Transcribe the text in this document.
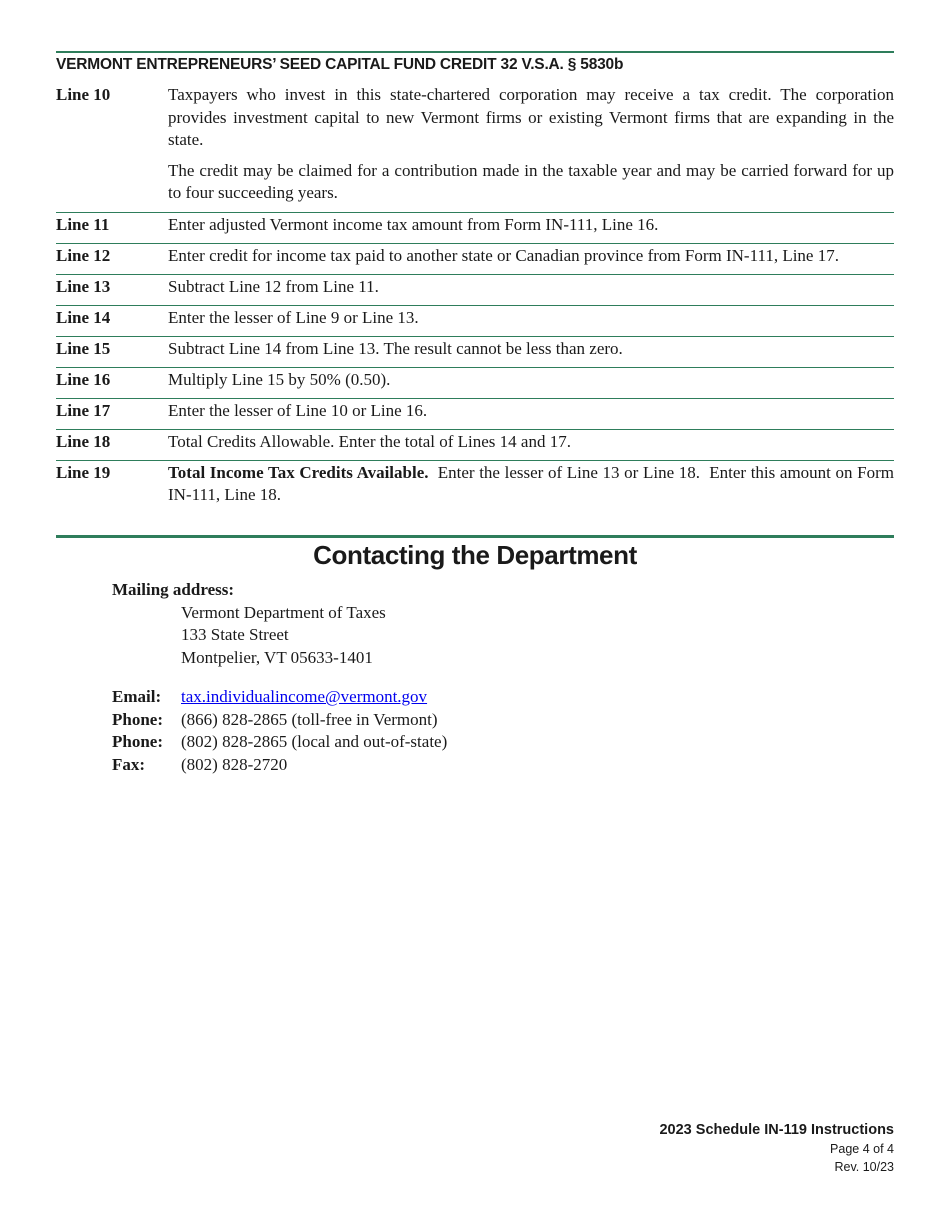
VERMONT ENTREPRENEURS’ SEED CAPITAL FUND CREDIT 32 V.S.A. § 5830b
Line 10	Taxpayers who invest in this state-chartered corporation may receive a tax credit. The corporation provides investment capital to new Vermont firms or existing Vermont firms that are expanding in the state.

The credit may be claimed for a contribution made in the taxable year and may be carried forward for up to four succeeding years.

Line 11	Enter adjusted Vermont income tax amount from Form IN-111, Line 16.
Line 12	Enter credit for income tax paid to another state or Canadian province from Form IN-111, Line 17.
Line 13	Subtract Line 12 from Line 11.
Line 14	Enter the lesser of Line 9 or Line 13.
Line 15	Subtract Line 14 from Line 13. The result cannot be less than zero.
Line 16	Multiply Line 15 by 50% (0.50).
Line 17	Enter the lesser of Line 10 or Line 16.
Line 18	Total Credits Allowable. Enter the total of Lines 14 and 17.
Line 19	Total Income Tax Credits Available.  Enter the lesser of Line 13 or Line 18.  Enter this amount on Form IN-111, Line 18.
Contacting the Department
Mailing address:
Vermont Department of Taxes
133 State Street
Montpelier, VT 05633-1401
Email:	tax.individualincome@vermont.gov
Phone:	(866) 828-2865 (toll-free in Vermont)
Phone:	(802) 828-2865 (local and out-of-state)
Fax:	(802) 828-2720
2023 Schedule IN-119 Instructions
Page 4 of 4
Rev. 10/23
